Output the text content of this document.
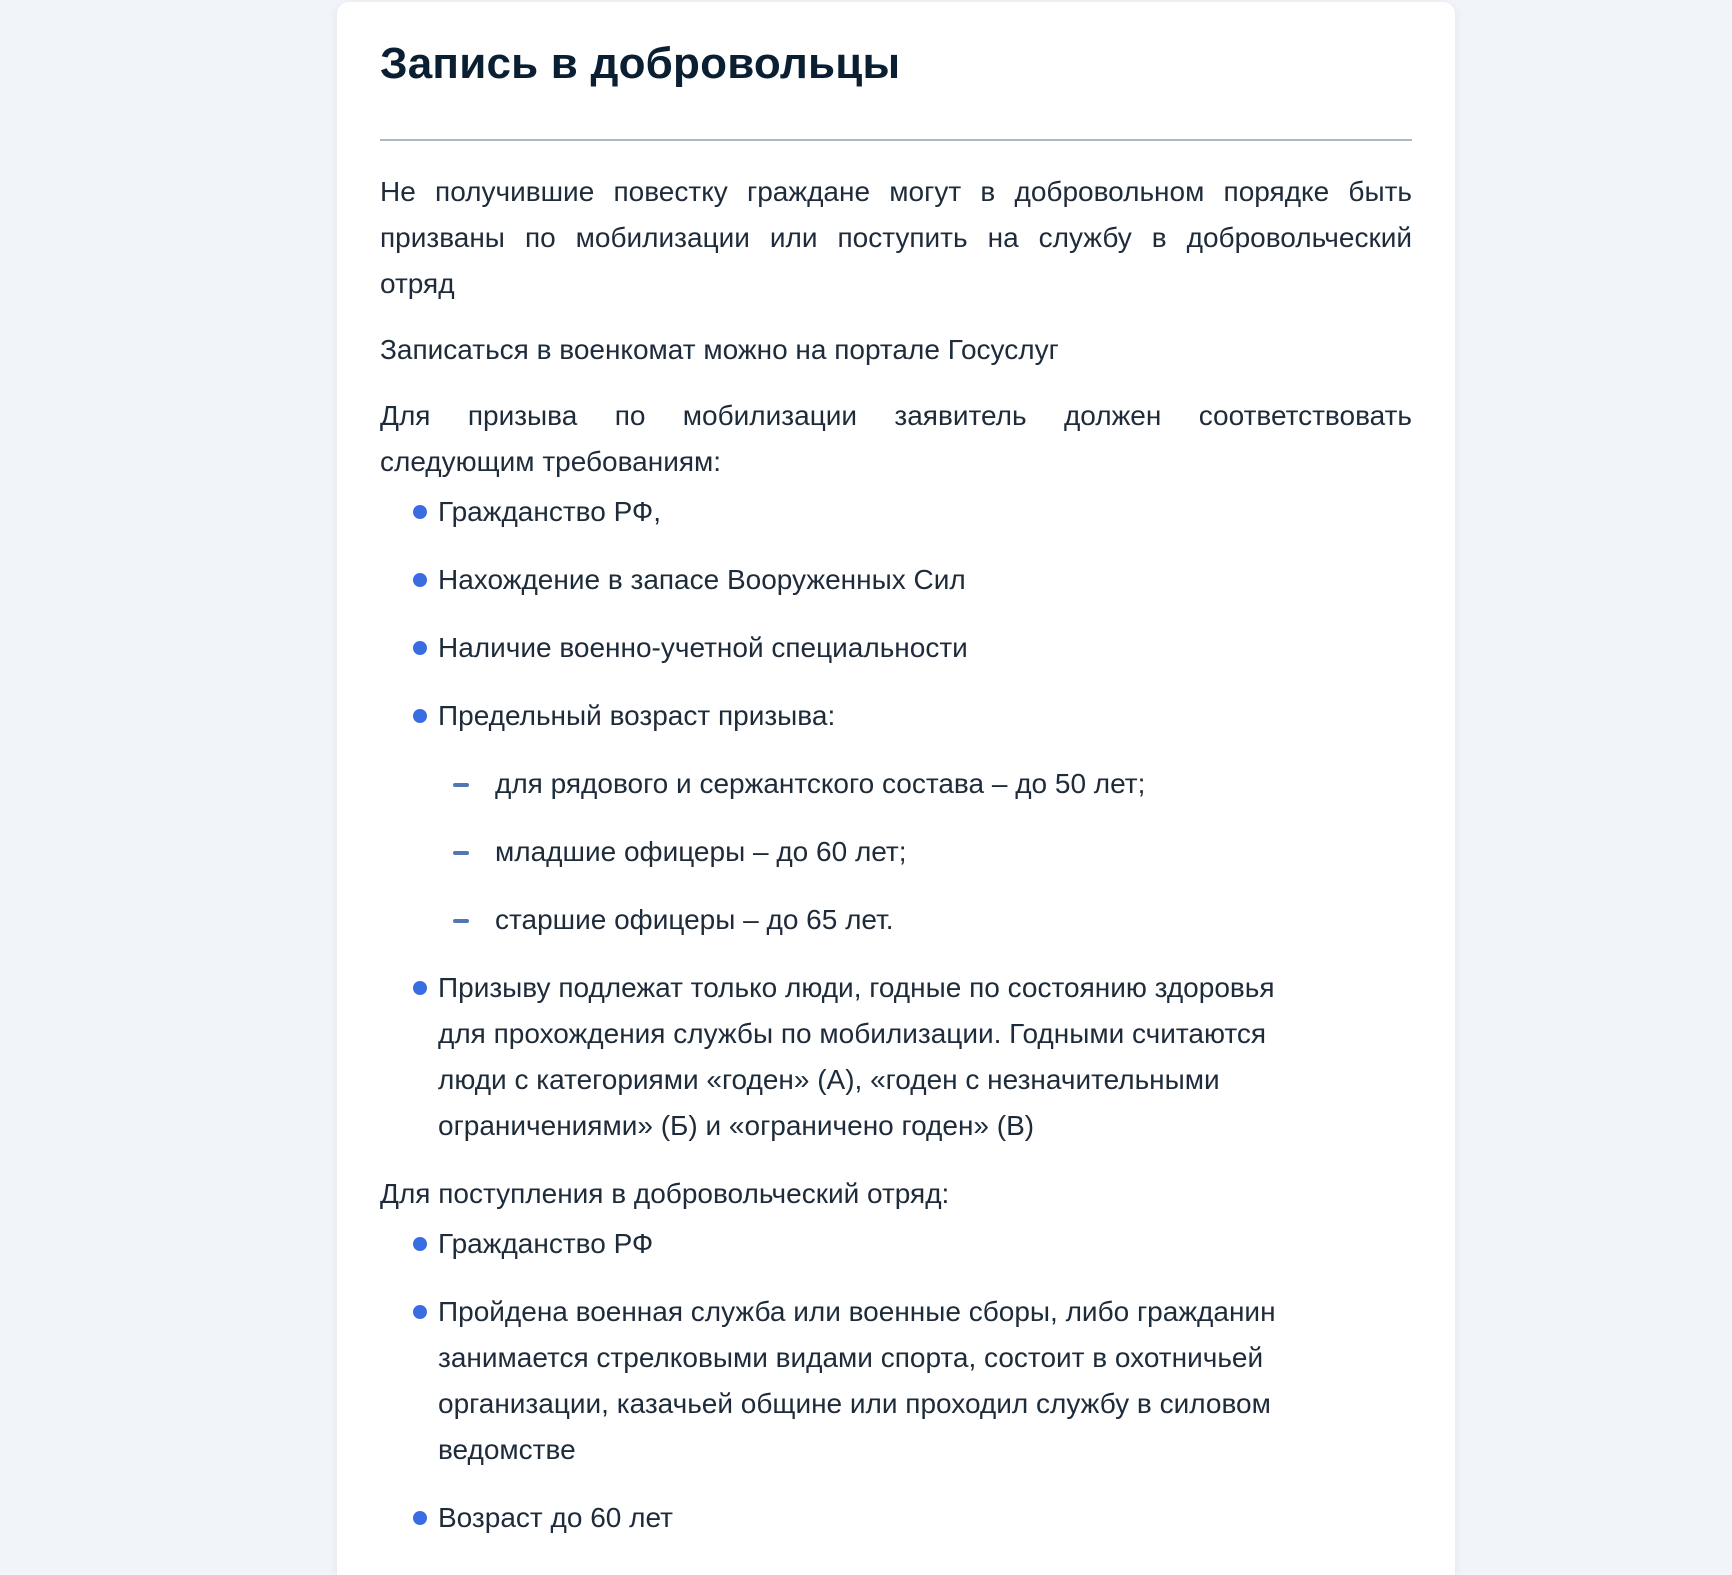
Запись в добровольцы
Не получившие повестку граждане могут в добровольном порядке быть
призваны по мобилизации или поступить на службу в добровольческий
отряд
Записаться в военкомат можно на портале Госуслуг
Для призыва по мобилизации заявитель должен соответствовать
следующим требованиям:
Гражданство РФ,
Нахождение в запасе Вооруженных Сил
Наличие военно-учетной специальности
Предельный возраст призыва:
для рядового и сержантского состава – до 50 лет;
младшие офицеры – до 60 лет;
старшие офицеры – до 65 лет.
Призыву подлежат только люди, годные по состоянию здоровья
для прохождения службы по мобилизации. Годными считаются
люди с категориями «годен» (А), «годен с незначительными
ограничениями» (Б) и «ограничено годен» (В)
Для поступления в добровольческий отряд:
Гражданство РФ
Пройдена военная служба или военные сборы, либо гражданин
занимается стрелковыми видами спорта, состоит в охотничьей
организации, казачьей общине или проходил службу в силовом
ведомстве
Возраст до 60 лет
